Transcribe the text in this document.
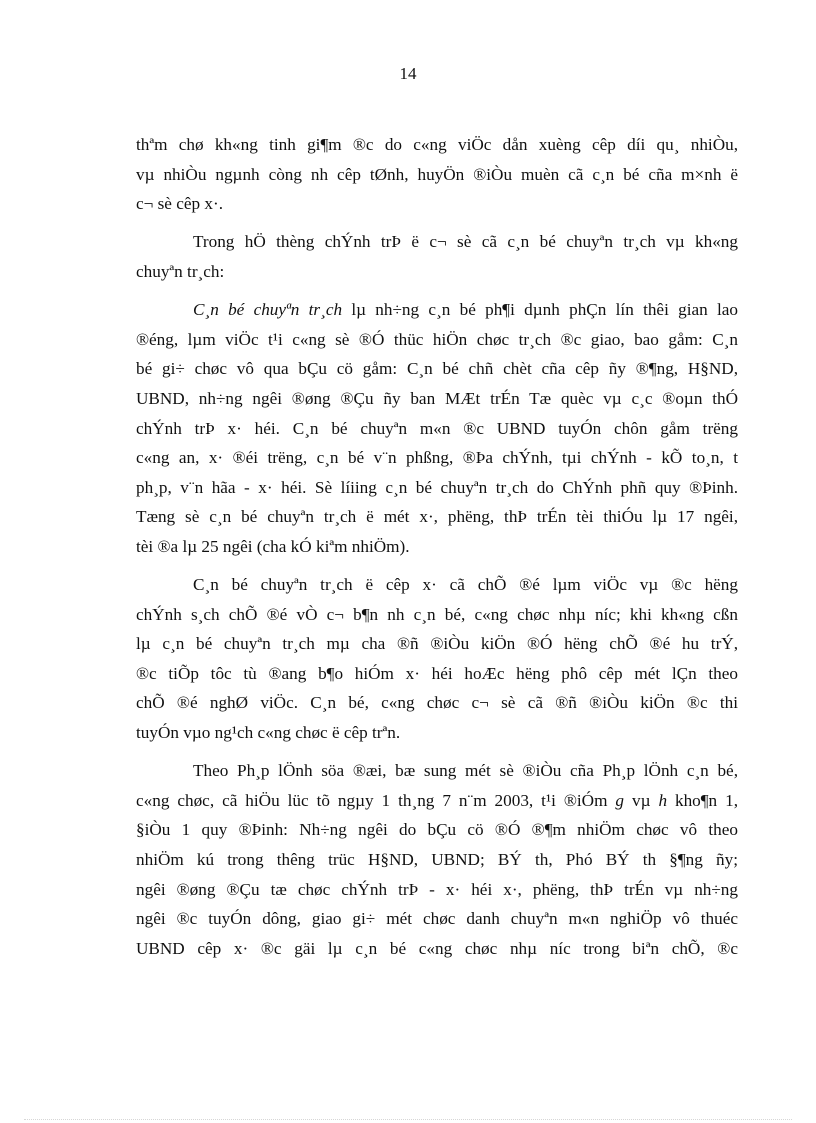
14

thªm chø kh«ng tinh gi¶m ®c do c«ng viÖc dån xuèng cêp díi qu¸ nhiÒu,
vµ nhiÒu ngµnh còng nh cêp tØnh, huyÖn ®iÒu muèn cã c¸n bé cña m×nh ë
c¬ sè cêp x·.

Trong hÖ thèng chÝnh trÞ ë c¬ sè cã c¸n bé chuyªn tr¸ch vµ kh«ng
chuyªn tr¸ch:

C¸n bé chuyªn tr¸ch lµ nh÷ng c¸n bé ph¶i dµnh phÇn lín thêi gian lao
®éng, lµm viÖc t¹i c«ng sè ®Ó thüc hiÖn chøc tr¸ch ®c giao, bao gåm: C¸n
bé gi÷ chøc vô qua bÇu cö gåm: C¸n bé chñ chèt cña cêp ñy ®¶ng, H§ND,
UBND, nh÷ng ngêi ®øng ®Çu ñy ban MÆt trÉn Tæ quèc vµ c¸c ®oµn thÓ
chÝnh trÞ x· héi. C¸n bé chuyªn m«n ®c UBND tuyÓn chôn gåm trëng
c«ng an, x· ®éi trëng, c¸n bé v¨n phßng, ®Þa chÝnh, tµi chÝnh - kÕ to¸n, t
ph¸p, v¨n hãa - x· héi. Sè líiing c¸n bé chuyªn tr¸ch do ChÝnh phñ quy ®Þinh.
Tæng sè c¸n bé chuyªn tr¸ch ë mét x·, phëng, thÞ trÉn tèi thiÓu lµ 17 ngêi,
tèi ®a lµ 25 ngêi (cha kÓ kiªm nhiÖm).

C¸n bé chuyªn tr¸ch ë cêp x· cã chÕ ®é lµm viÖc vµ ®c hëng
chÝnh s¸ch chÕ ®é vÒ c¬ b¶n nh c¸n bé, c«ng chøc nhµ níc; khi kh«ng cßn
lµ c¸n bé chuyªn tr¸ch mµ cha ®ñ ®iÒu kiÖn ®Ó hëng chÕ ®é hu trÝ,
®c tiÕp tôc tù ®ang b¶o hiÓm x· héi hoÆc hëng phô cêp mét lÇn theo
chÕ ®é nghØ viÖc. C¸n bé, c«ng chøc c¬ sè cã ®ñ ®iÒu kiÖn ®c thi
tuyÓn vµo ng¹ch c«ng chøc ë cêp trªn.

Theo Ph¸p lÖnh söa ®æi, bæ sung mét sè ®iÒu cña Ph¸p lÖnh c¸n bé,
c«ng chøc, cã hiÖu lüc tõ ngµy 1 th¸ng 7 n¨m 2003, t¹i ®iÓm g vµ h kho¶n 1,
§iÒu 1 quy ®Þinh: Nh÷ng ngêi do bÇu cö ®Ó ®¶m nhiÖm chøc vô theo
nhiÖm kú trong thêng trüc H§ND, UBND; BÝ th, Phó BÝ th §¶ng ñy;
ngêi ®øng ®Çu tæ chøc chÝnh trÞ - x· héi x·, phëng, thÞ trÉn vµ nh÷ng
ngêi ®c tuyÓn dông, giao gi÷ mét chøc danh chuyªn m«n nghiÖp vô thuéc
UBND cêp x· ®c gäi lµ c¸n bé c«ng chøc nhµ níc trong biªn chÕ, ®c
